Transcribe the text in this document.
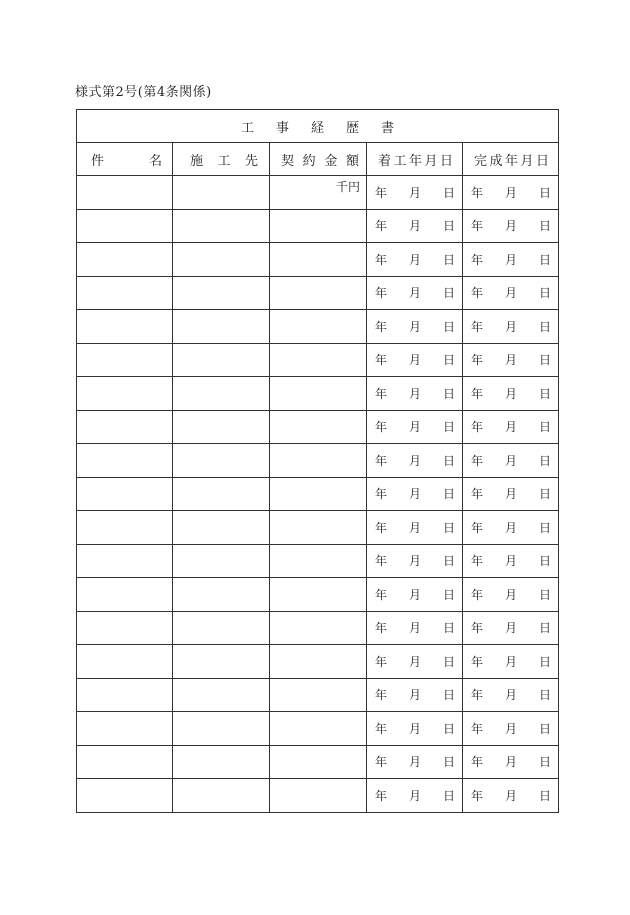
様式第2号(第4条関係)
工 事 経 歴 書				

件 名	施 工 先	契 約 金 額	着 工 年 月 日	完 成 年 月 日

		千円	年 月 日	年 月 日

			年 月 日	年 月 日

			年 月 日	年 月 日

			年 月 日	年 月 日

			年 月 日	年 月 日

			年 月 日	年 月 日

			年 月 日	年 月 日

			年 月 日	年 月 日

			年 月 日	年 月 日

			年 月 日	年 月 日

			年 月 日	年 月 日

			年 月 日	年 月 日

			年 月 日	年 月 日

			年 月 日	年 月 日

			年 月 日	年 月 日

			年 月 日	年 月 日

			年 月 日	年 月 日

			年 月 日	年 月 日

			年 月 日	年 月 日
